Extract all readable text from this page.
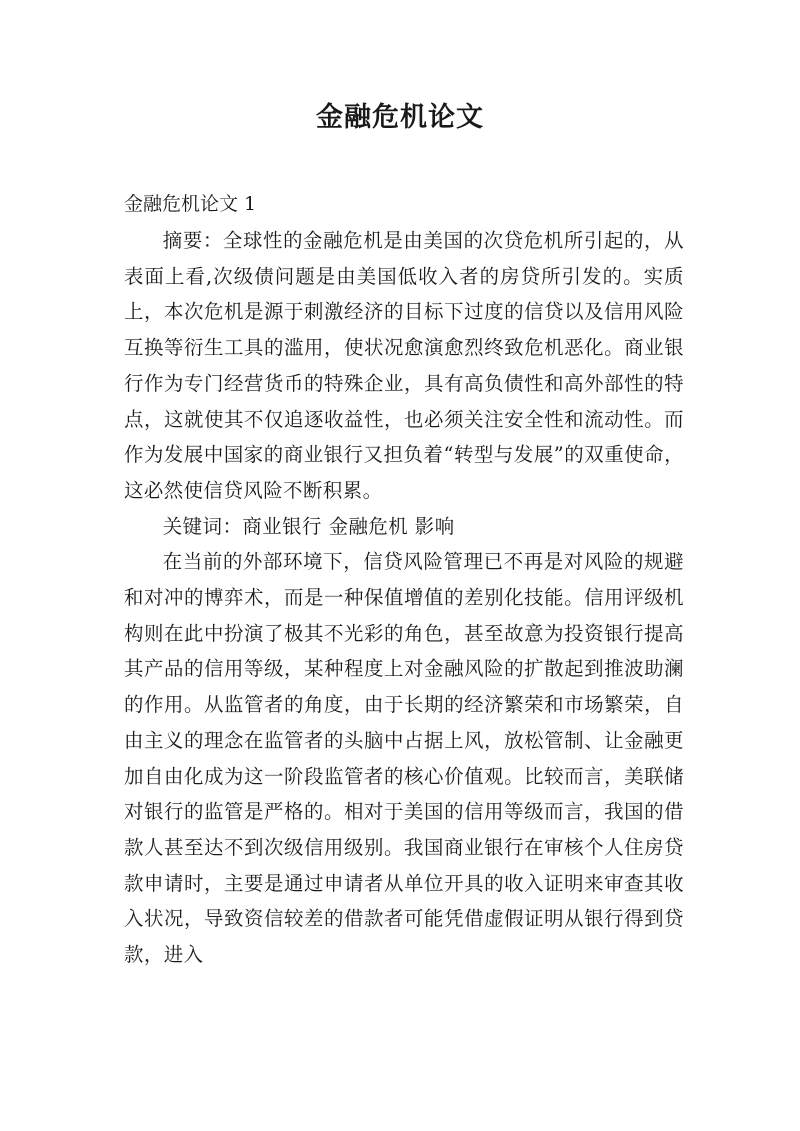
金融危机论文
金融危机论文 1

摘要：全球性的金融危机是由美国的次贷危机所引起的，从表面上看,次级债问题是由美国低收入者的房贷所引发的。实质上，本次危机是源于刺激经济的目标下过度的信贷以及信用风险互换等衍生工具的滥用，使状况愈演愈烈终致危机恶化。商业银行作为专门经营货币的特殊企业，具有高负债性和高外部性的特点，这就使其不仅追逐收益性，也必须关注安全性和流动性。而作为发展中国家的商业银行又担负着“转型与发展”的双重使命，这必然使信贷风险不断积累。

关键词：商业银行 金融危机 影响

在当前的外部环境下，信贷风险管理已不再是对风险的规避和对冲的博弈术，而是一种保值增值的差别化技能。信用评级机构则在此中扮演了极其不光彩的角色，甚至故意为投资银行提高其产品的信用等级，某种程度上对金融风险的扩散起到推波助澜的作用。从监管者的角度，由于长期的经济繁荣和市场繁荣，自由主义的理念在监管者的头脑中占据上风，放松管制、让金融更加自由化成为这一阶段监管者的核心价值观。比较而言，美联储对银行的监管是严格的。相对于美国的信用等级而言，我国的借款人甚至达不到次级信用级别。我国商业银行在审核个人住房贷款申请时，主要是通过申请者从单位开具的收入证明来审查其收入状况，导致资信较差的借款者可能凭借虚假证明从银行得到贷款，进入
